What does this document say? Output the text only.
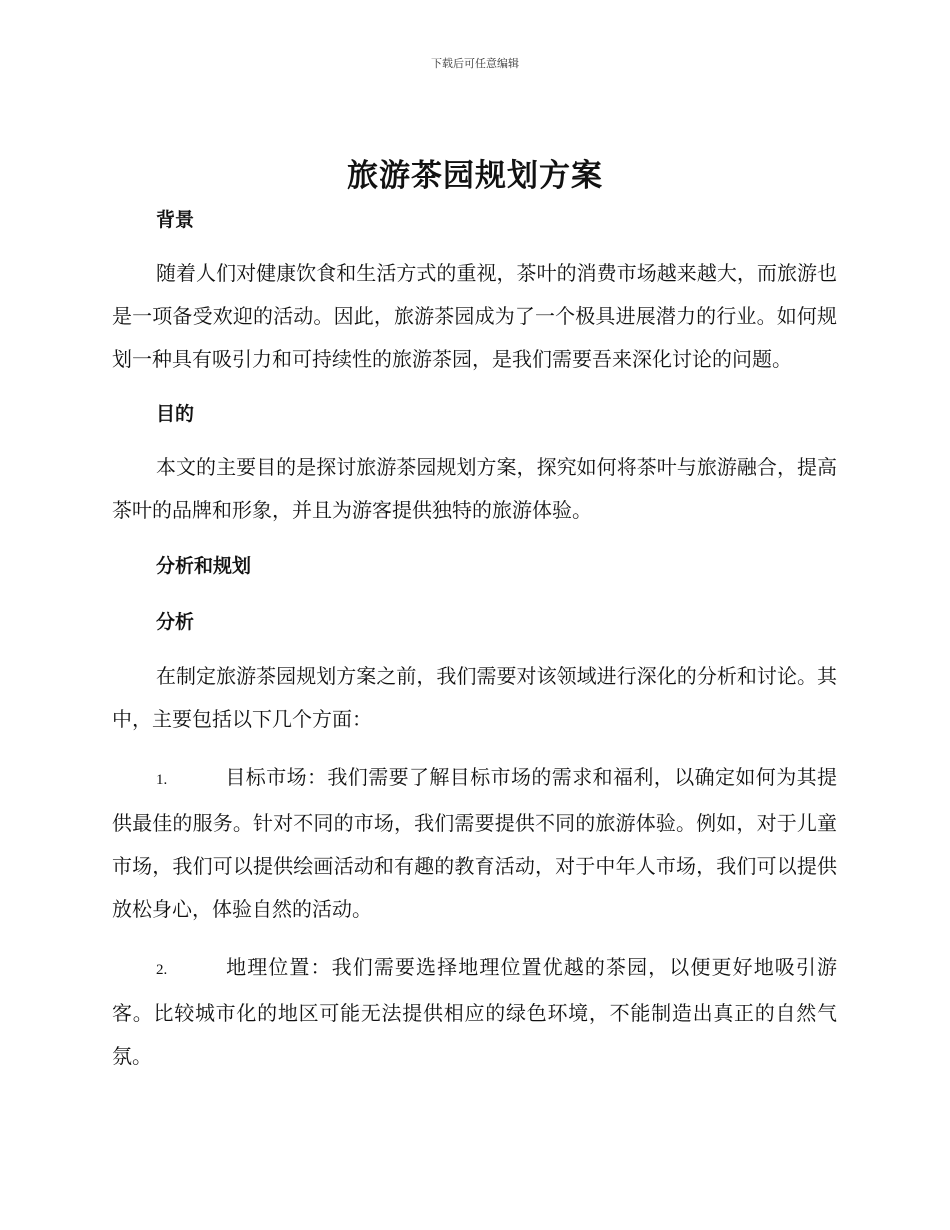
下载后可任意编辑
旅游茶园规划方案
背景

随着人们对健康饮食和生活方式的重视，茶叶的消费市场越来越大，而旅游也是一项备受欢迎的活动。因此，旅游茶园成为了一个极具进展潜力的行业。如何规划一种具有吸引力和可持续性的旅游茶园，是我们需要吾来深化讨论的问题。

目的

本文的主要目的是探讨旅游茶园规划方案，探究如何将茶叶与旅游融合，提高茶叶的品牌和形象，并且为游客提供独特的旅游体验。

分析和规划
分析

在制定旅游茶园规划方案之前，我们需要对该领域进行深化的分析和讨论。其中，主要包括以下几个方面：

1.	目标市场：我们需要了解目标市场的需求和福利，以确定如何为其提供最佳的服务。针对不同的市场，我们需要提供不同的旅游体验。例如，对于儿童市场，我们可以提供绘画活动和有趣的教育活动，对于中年人市场，我们可以提供放松身心，体验自然的活动。

2.	地理位置：我们需要选择地理位置优越的茶园，以便更好地吸引游客。比较城市化的地区可能无法提供相应的绿色环境，不能制造出真正的自然气氛。
